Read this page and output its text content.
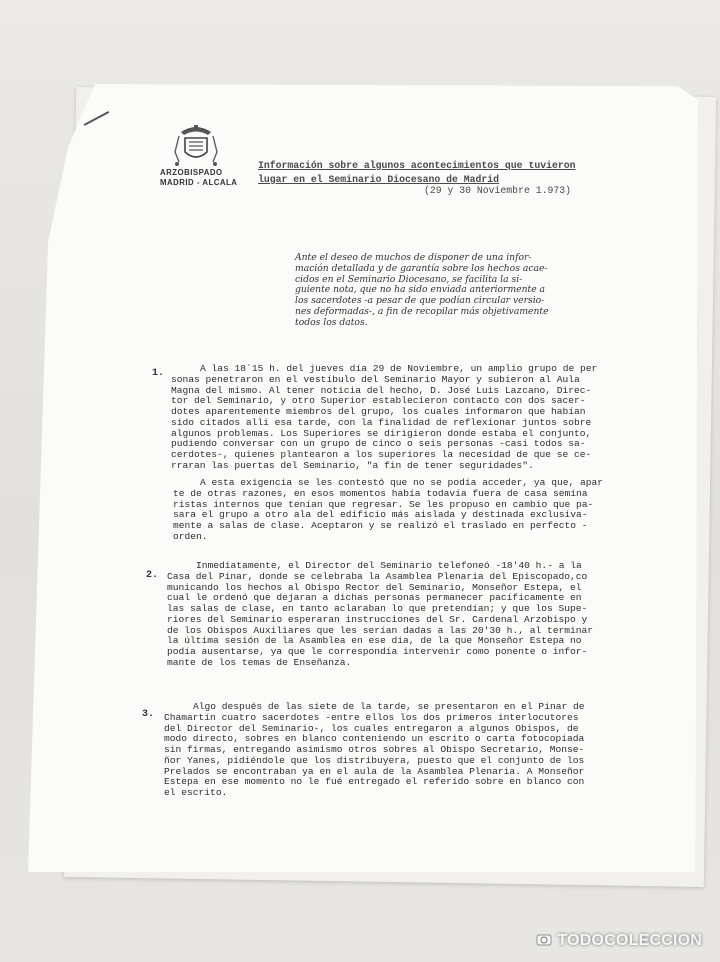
ARZOBISPADO
MADRID - ALCALA
Información sobre algunos acontecimientos que tuvieron
lugar en el Seminario Diocesano de Madrid
(29 y 30 Noviembre 1.973)
Ante el deseo de muchos de disponer de una infor-
mación detallada y de garantía sobre los hechos acae-
cidos en el Seminario Diocesano, se facilita la si-
guiente nota, que no ha sido enviada anteriormente a
los sacerdotes -a pesar de que podían circular versio-
nes deformadas-, a fin de recopilar más objetivamente
todos los datos.
1.	A las 18´15 h. del jueves día 29 de Noviembre, un amplio grupo de per
sonas penetraron en el vestíbulo del Seminario Mayor y subieron al Aula
Magna del mismo. Al tener noticia del hecho, D. José Luis Lazcano, Direc-
tor del Seminario, y otro Superior establecieron contacto con dos sacer-
dotes aparentemente miembros del grupo, los cuales informaron que habían
sido citados allí esa tarde, con la finalidad de reflexionar juntos sobre
algunos problemas. Los Superiores se dirigieron donde estaba el conjunto,
pudiendo conversar con un grupo de cinco o seis personas -casi todos sa-
cerdotes-, quienes plantearon a los superiores la necesidad de que se ce-
rraran las puertas del Seminario, "a fin de tener seguridades".
A esta exigencia se les contestó que no se podía acceder, ya que, apar
te de otras razones, en esos momentos había todavía fuera de casa semina
ristas internos que tenían que regresar. Se les propuso en cambio que pa-
sara el grupo a otro ala del edificio más aislada y destinada exclusiva-
mente a salas de clase. Aceptaron y se realizó el traslado en perfecto -
orden.
2.
Inmediatamente, el Director del Seminario telefoneó -18'40 h.- a la
Casa del Pinar, donde se celebraba la Asamblea Plenaria del Episcopado,co
municando los hechos al Obispo Rector del Seminario, Monseñor Estepa, el
cual le ordenó que dejaran a dichas personas permanecer pacíficamente en
las salas de clase, en tanto aclaraban lo que pretendían; y que los Supe-
riores del Seminario esperaran instrucciones del Sr. Cardenal Arzobispo y
de los Obispos Auxiliares que les serían dadas a las 20'30 h., al terminar
la última sesión de la Asamblea en ese día, de la que Monseñor Estepa no
podía ausentarse, ya que le correspondía intervenir como ponente o infor-
mante de los temas de Enseñanza.
3.
Algo después de las siete de la tarde, se presentaron en el Pinar de
Chamartín cuatro sacerdotes -entre ellos los dos primeros interlocutores
del Director del Seminario-, los cuales entregaron a algunos Obispos, de
modo directo, sobres en blanco conteniendo un escrito o carta fotocopiada
sin firmas, entregando asimismo otros sobres al Obispo Secretario, Monse-
ñor Yanes, pidiéndole que los distribuyera, puesto que el conjunto de los
Prelados se encontraban ya en el aula de la Asamblea Plenaria. A Monseñor
Estepa en ese momento no le fué entregado el referido sobre en blanco con
el escrito.
TODOCOLECCION
